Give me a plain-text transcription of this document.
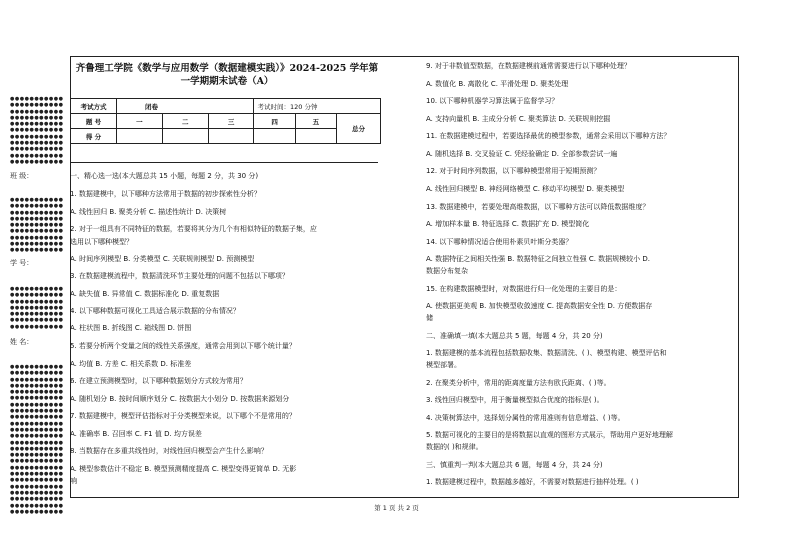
●●●●●●●●●●●
●●●●●●●●●●●
●●●●●●●●●●●
●●●●●●●●●●●
●●●●●●●●●●●
●●●●●●●●●●●
●●●●●●●●●●●
●●●●●●●●●●●
●●●●●●●●●●●
●●●●●●●●●●●
●●●●●●●●●●●
班 级：
●●●●●●●●●●●
●●●●●●●●●●●
●●●●●●●●●●●
●●●●●●●●●●●
●●●●●●●●●●●
●●●●●●●●●●●
●●●●●●●●●●●
●●●●●●●●●●●
●●●●●●●●●●●
学 号：
●●●●●●●●●●●
●●●●●●●●●●●
●●●●●●●●●●●
●●●●●●●●●●●
●●●●●●●●●●●
●●●●●●●●●●●
●●●●●●●●●●●
姓 名：
●●●●●●●●●●●
●●●●●●●●●●●
●●●●●●●●●●●
●●●●●●●●●●●
●●●●●●●●●●●
●●●●●●●●●●●
●●●●●●●●●●●
●●●●●●●●●●●
●●●●●●●●●●●
●●●●●●●●●●●
●●●●●●●●●●●
●●●●●●●●●●●
●●●●●●●●●●●
●●●●●●●●●●●
●●●●●●●●●●●
●●●●●●●●●●●
●●●●●●●●●●●
●●●●●●●●●●●
●●●●●●●●●●●
●●●●●●●●●●●
●●●●●●●●●●●
●●●●●●●●●●●
●●●●●●●●●●●
●●●●●●●●●●●
齐鲁理工学院《数学与应用数学（数据建模实践）》2024-2025 学年第
一学期期末试卷（A）
考试方式	闭卷			考试时间：120 分钟		
题 号	一	二	三	四	五	总分
得 分						
一、精心选一选(本大题总共 15 小题，每题 2 分，共 30 分)
1. 数据建模中，以下哪种方法常用于数据的初步探索性分析？
A. 线性回归 B. 聚类分析 C. 描述性统计 D. 决策树
2. 对于一组具有不同特征的数据，若要将其分为几个有相似特征的数据子集，应
选用以下哪种模型？
A. 时间序列模型 B. 分类模型 C. 关联规则模型 D. 预测模型
3. 在数据建模流程中，数据清洗环节主要处理的问题不包括以下哪项？
A. 缺失值 B. 异常值 C. 数据标准化 D. 重复数据
4. 以下哪种数据可视化工具适合展示数据的分布情况？
A. 柱状图 B. 折线图 C. 箱线图 D. 饼图
5. 若要分析两个变量之间的线性关系强度，通常会用到以下哪个统计量？
A. 均值 B. 方差 C. 相关系数 D. 标准差
6. 在建立预测模型时，以下哪种数据划分方式较为常用？
A. 随机划分 B. 按时间顺序划分 C. 按数据大小划分 D. 按数据来源划分
7. 数据建模中，模型评估指标对于分类模型来说，以下哪个不是常用的？
A. 准确率 B. 召回率 C. F1 值 D. 均方误差
8. 当数据存在多重共线性时，对线性回归模型会产生什么影响？
A. 模型参数估计不稳定 B. 模型预测精度提高 C. 模型变得更简单 D. 无影
响
9. 对于非数值型数据，在数据建模前通常需要进行以下哪种处理？
A. 数值化 B. 离散化 C. 平滑处理 D. 聚类处理
10. 以下哪种机器学习算法属于监督学习？
A. 支持向量机 B. 主成分分析 C. 聚类算法 D. 关联规则挖掘
11. 在数据建模过程中，若要选择最优的模型参数，通常会采用以下哪种方法？
A. 随机选择 B. 交叉验证 C. 凭经验确定 D. 全部参数尝试一遍
12. 对于时间序列数据，以下哪种模型常用于短期预测？
A. 线性回归模型 B. 神经网络模型 C. 移动平均模型 D. 聚类模型
13. 数据建模中，若要处理高维数据，以下哪种方法可以降低数据维度？
A. 增加样本量 B. 特征选择 C. 数据扩充 D. 模型简化
14. 以下哪种情况适合使用朴素贝叶斯分类器？
A. 数据特征之间相关性强 B. 数据特征之间独立性强 C. 数据规模较小 D.
数据分布复杂
15. 在构建数据模型时，对数据进行归一化处理的主要目的是：
A. 使数据更美观 B. 加快模型收敛速度 C. 提高数据安全性 D. 方便数据存
储
二、准确填一填(本大题总共 5 题，每题 4 分，共 20 分)
1. 数据建模的基本流程包括数据收集、数据清洗、( )、模型构建、模型评估和
模型部署。
2. 在聚类分析中，常用的距离度量方法有欧氏距离、( )等。
3. 线性回归模型中，用于衡量模型拟合优度的指标是( )。
4. 决策树算法中，选择划分属性的常用准则有信息增益、( )等。
5. 数据可视化的主要目的是将数据以直观的图形方式展示，帮助用户更好地理解
数据的( )和规律。
三、慎重判一判(本大题总共 6 题，每题 4 分，共 24 分)
1. 数据建模过程中，数据越多越好，不需要对数据进行抽样处理。( )
第 1 页 共 2 页
